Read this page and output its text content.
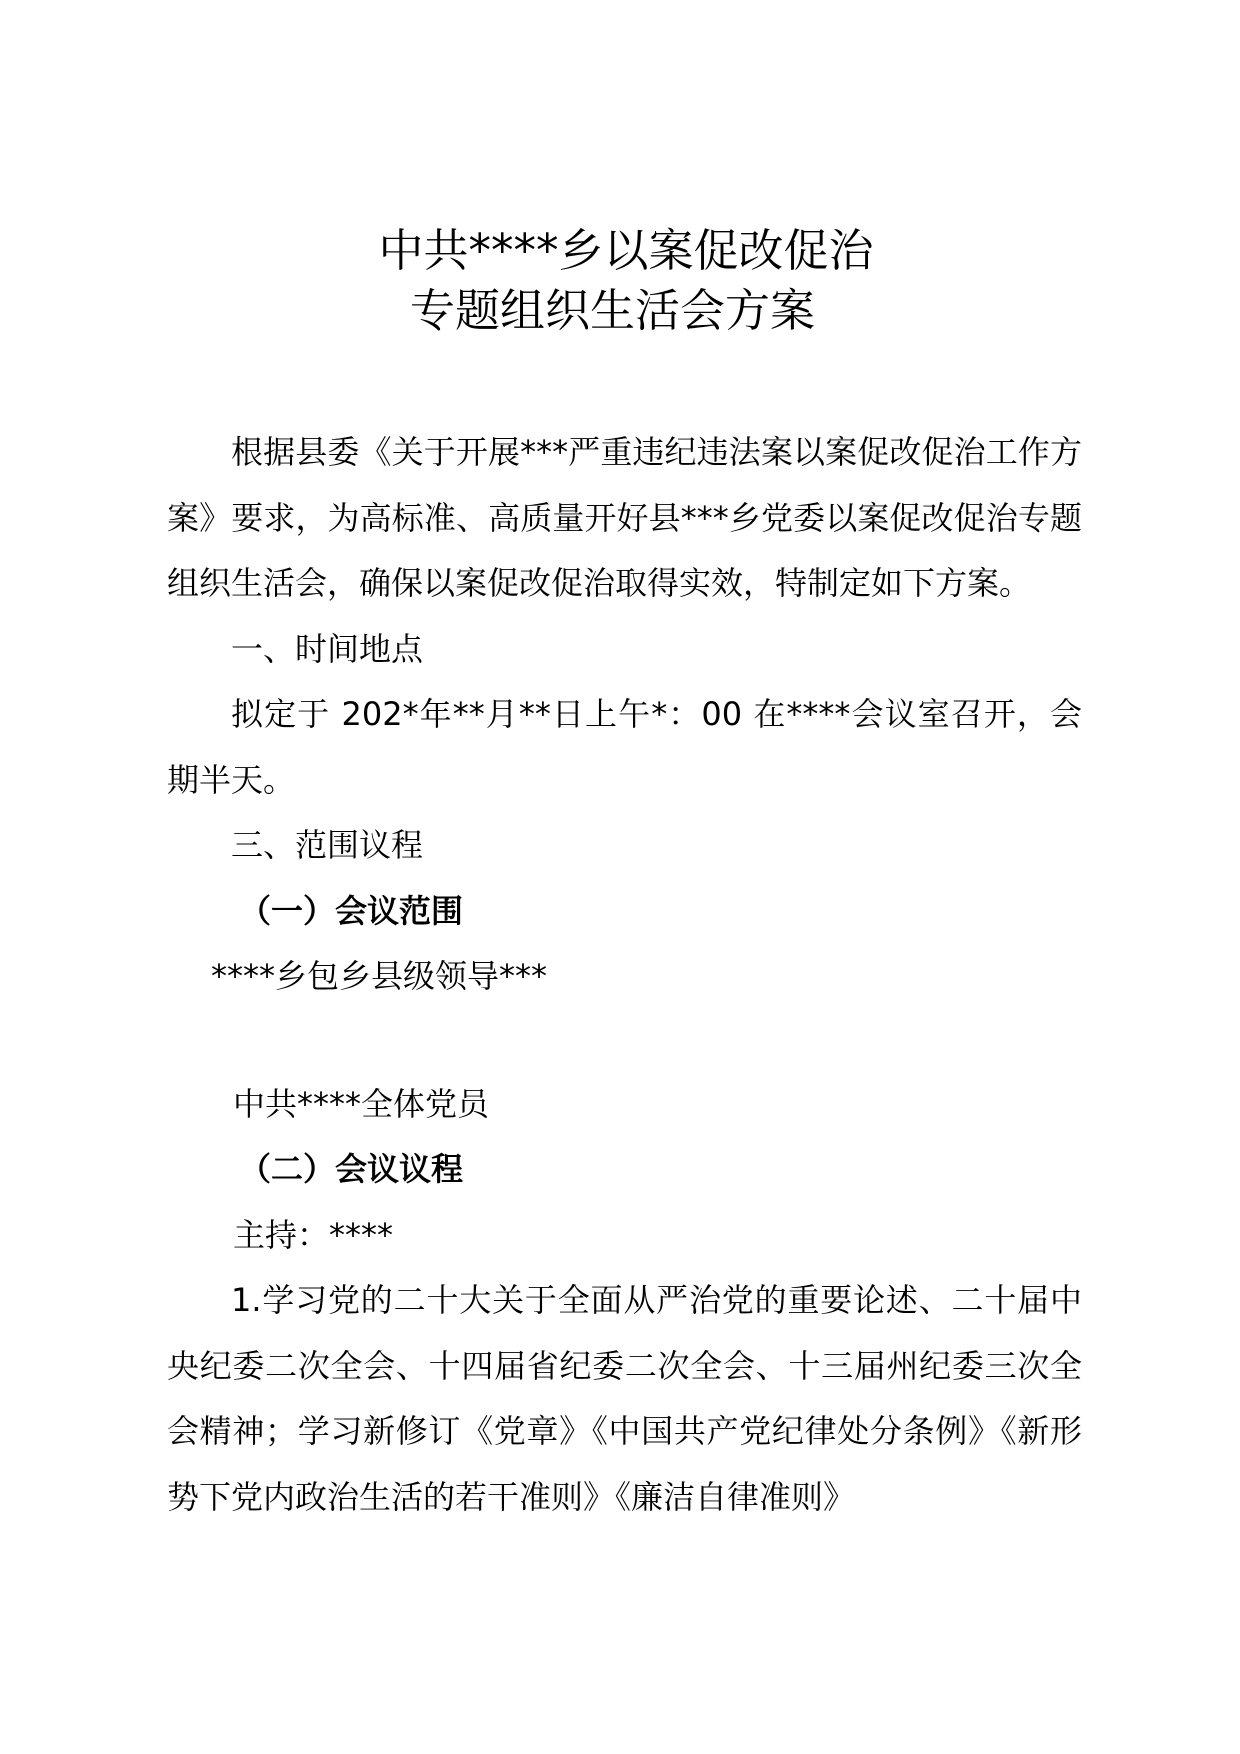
中共****乡以案促改促治
专题组织生活会方案

根据县委《关于开展***严重违纪违法案以案促改促治工作方案》要求，为高标准、高质量开好县***乡党委以案促改促治专题组织生活会，确保以案促改促治取得实效，特制定如下方案。

一、时间地点

拟定于 202*年**月**日上午*：00 在****会议室召开，会期半天。

三、范围议程

（一）会议范围
****乡包乡县级领导***
中共****全体党员
（二）会议议程
主持：****

1.学习党的二十大关于全面从严治党的重要论述、二十届中央纪委二次全会、十四届省纪委二次全会、十三届州纪委三次全会精神；学习新修订《党章》《中国共产党纪律处分条例》《新形势下党内政治生活的若干准则》《廉洁自律准则》
